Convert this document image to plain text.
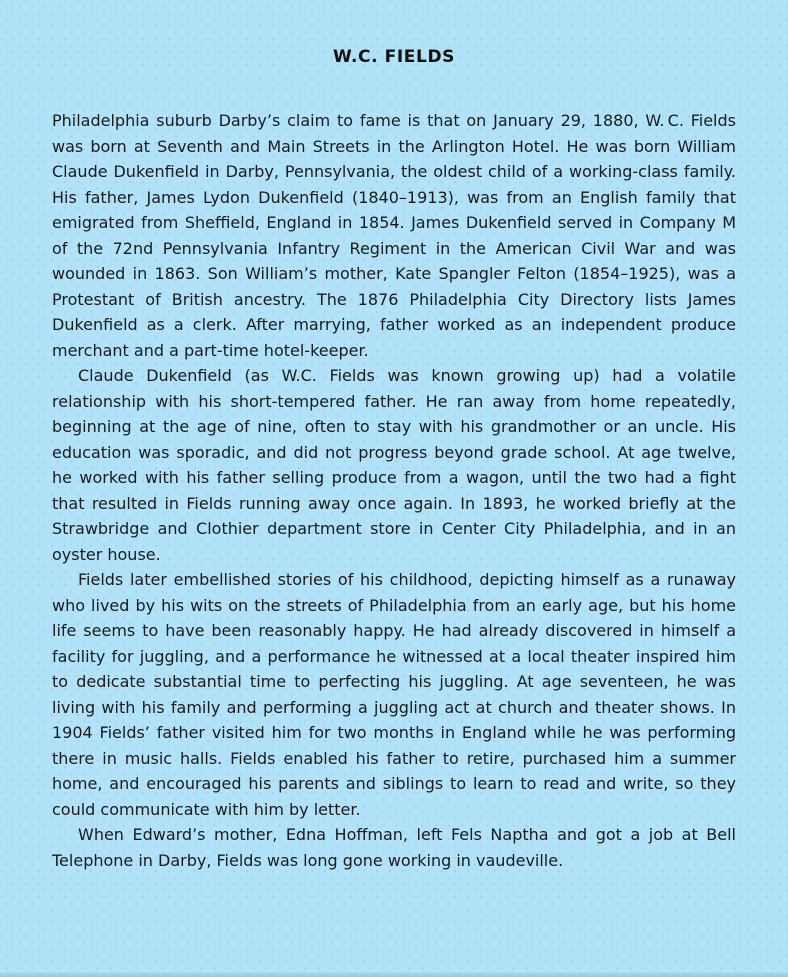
W.C. FIELDS

Philadelphia suburb Darby’s claim to fame is that on January 29, 1880, W. C. Fields was born at Seventh and Main Streets in the Arlington Hotel. He was born William Claude Dukenfield in Darby, Pennsylvania, the oldest child of a working-class family. His father, James Lydon Dukenfield (1840–1913), was from an English family that emigrated from Sheffield, England in 1854. James Dukenfield served in Company M of the 72nd Pennsylvania Infantry Regiment in the American Civil War and was wounded in 1863. Son William’s mother, Kate Spangler Felton (1854–1925), was a Protestant of British ancestry. The 1876 Philadelphia City Directory lists James Dukenfield as a clerk. After marrying, father worked as an independent produce merchant and a part-time hotel-keeper.

Claude Dukenfield (as W.C. Fields was known growing up) had a volatile relationship with his short-tempered father. He ran away from home repeatedly, beginning at the age of nine, often to stay with his grandmother or an uncle. His education was sporadic, and did not progress beyond grade school. At age twelve, he worked with his father selling produce from a wagon, until the two had a fight that resulted in Fields running away once again. In 1893, he worked briefly at the Strawbridge and Clothier department store in Center City Philadelphia, and in an oyster house.

Fields later embellished stories of his childhood, depicting himself as a runaway who lived by his wits on the streets of Philadelphia from an early age, but his home life seems to have been reasonably happy. He had already discovered in himself a facility for juggling, and a performance he witnessed at a local theater inspired him to dedicate substantial time to perfecting his juggling. At age seventeen, he was living with his family and performing a juggling act at church and theater shows. In 1904 Fields’ father visited him for two months in England while he was performing there in music halls. Fields enabled his father to retire, purchased him a summer home, and encouraged his parents and siblings to learn to read and write, so they could communicate with him by letter.

When Edward’s mother, Edna Hoffman, left Fels Naptha and got a job at Bell Telephone in Darby, Fields was long gone working in vaudeville.
